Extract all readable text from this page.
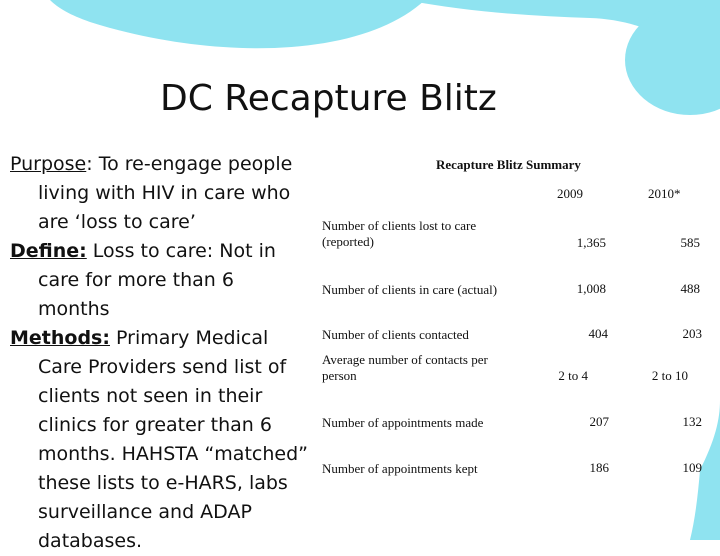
DC Recapture Blitz
Purpose: To re-engage people living with HIV in care who are ‘loss to care’
Define: Loss to care: Not in care for more than 6 months
Methods: Primary Medical Care Providers send list of clients not seen in their clinics for greater than 6 months. HAHSTA “matched” these lists to e-HARS, labs surveillance and ADAP databases.
Recapture Blitz Summary
2009	2010*
Number of clients lost to care (reported)	1,365	585
Number of clients in care (actual)	1,008	488
Number of clients contacted	404	203
Average number of contacts per person	2 to 4	2 to 10
Number of appointments made	207	132
Number of appointments kept	186	109
